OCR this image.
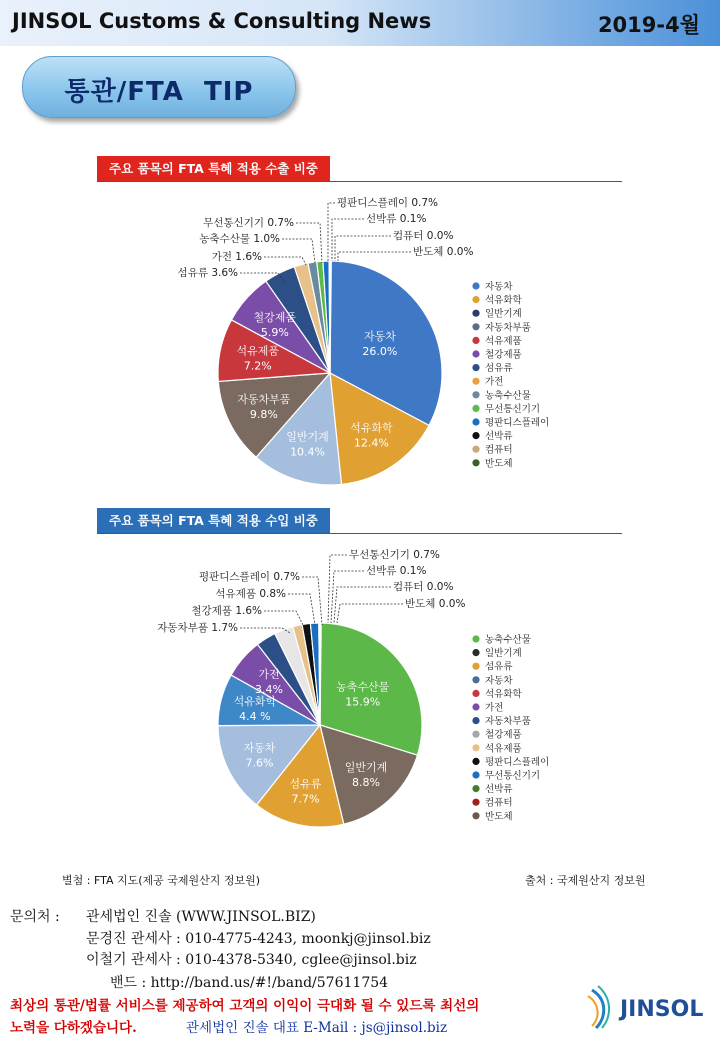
JINSOL Customs & Consulting News	2019-4월
통관/FTA  TIP
주요 품목의 FTA 특혜 적용 수출 비중
자동차
26.0%
석유화학
12.4%
일반기계
10.4%
자동차부품
9.8%
석유제품
7.2%
철강제품
5.9%
평판디스플레이 0.7%
선박류 0.1%
컴퓨터 0.0%
반도체 0.0%
무선통신기기 0.7%
농축수산물 1.0%
가전 1.6%
섬유류 3.6%
자동차
석유화학
일반기계
자동차부품
석유제품
철강제품
섬유류
가전
농축수산물
무선통신기기
평판디스플레이
선박류
컴퓨터
반도체
주요 품목의 FTA 특혜 적용 수입 비중
농축수산물
15.9%
일반기계
8.8%
섬유류
7.7%
자동차
7.6%
석유화학
4.4 %
가전
3.4%
무선통신기기 0.7%
선박류 0.1%
컴퓨터 0.0%
반도체 0.0%
평판디스플레이 0.7%
석유제품 0.8%
철강제품 1.6%
자동차부품 1.7%
농축수산물
일반기계
섬유류
자동차
석유화학
가전
자동차부품
철강제품
석유제품
평판디스플레이
무선통신기기
선박류
컴퓨터
반도체
별첨 : FTA 지도(제공 국제원산지 정보원)	출처 : 국제원산지 정보원
문의처 : 관세법인 진솔 (WWW.JINSOL.BIZ)
문경진 관세사 : 010-4775-4243, moonkj@jinsol.biz
이철기 관세사 : 010-4378-5340, cglee@jinsol.biz
밴드 : http://band.us/#!/band/57611754
최상의 통관/법률 서비스를 제공하여 고객의 이익이 극대화 될 수 있드록 최선의
노력을 다하겠습니다.	관세법인 진솔 대표 E-Mail : js@jinsol.biz
JINSOL
